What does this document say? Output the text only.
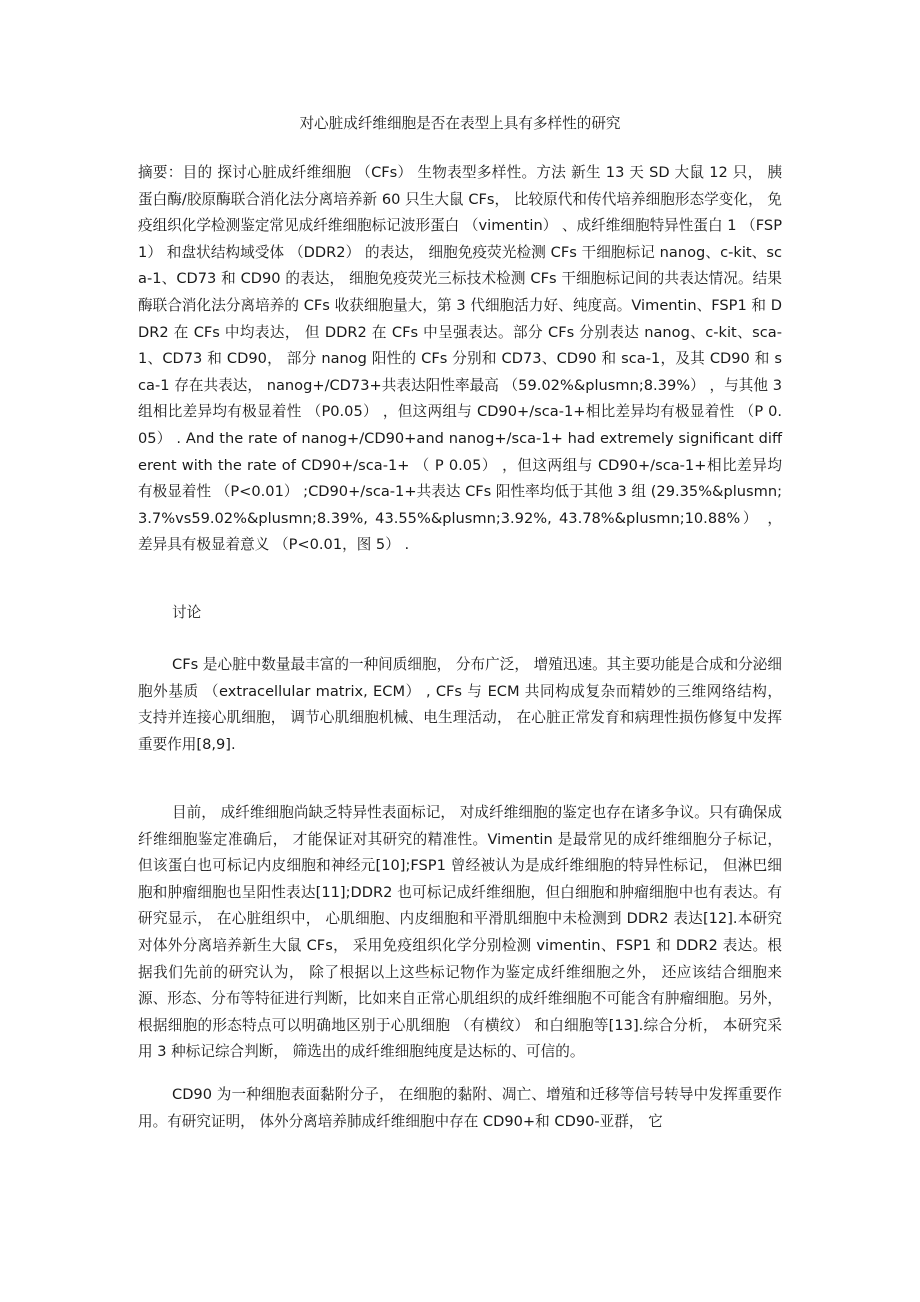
对心脏成纤维细胞是否在表型上具有多样性的研究
摘要：目的 探讨心脏成纤维细胞 （CFs） 生物表型多样性。方法 新生 13 天 SD 大鼠 12 只， 胰蛋白酶/胶原酶联合消化法分离培养新 60 只生大鼠 CFs， 比较原代和传代培养细胞形态学变化， 免疫组织化学检测鉴定常见成纤维细胞标记波形蛋白 （vimentin） 、成纤维细胞特异性蛋白 1 （FSP1） 和盘状结构域受体 （DDR2） 的表达， 细胞免疫荧光检测 CFs 干细胞标记 nanog、c-kit、sca-1、CD73 和 CD90 的表达， 细胞免疫荧光三标技术检测 CFs 干细胞标记间的共表达情况。结果 酶联合消化法分离培养的 CFs 收获细胞量大，第 3 代细胞活力好、纯度高。Vimentin、FSP1 和 DDR2 在 CFs 中均表达， 但 DDR2 在 CFs 中呈强表达。部分 CFs 分别表达 nanog、c-kit、sca-1、CD73 和 CD90， 部分 nanog 阳性的 CFs 分别和 CD73、CD90 和 sca-1，及其 CD90 和 sca-1 存在共表达， nanog+/CD73+共表达阳性率最高 （59.02%&plusmn;8.39%） ，与其他 3 组相比差异均有极显着性 （P0.05） ，但这两组与 CD90+/sca-1+相比差异均有极显着性 （P 0. 05） . And the rate of nanog+/CD90+and nanog+/sca-1+ had extremely significant different with the rate of CD90+/sca-1+ （ P 0.05） ，但这两组与 CD90+/sca-1+相比差异均有极显着性 （P<0.01） ;CD90+/sca-1+共表达 CFs 阳性率均低于其他 3 组 (29.35%&plusmn;3.7%vs59.02%&plusmn;8.39%, 43.55%&plusmn;3.92%, 43.78%&plusmn;10.88%） ，差异具有极显着意义 （P<0.01，图 5） .
讨论
CFs 是心脏中数量最丰富的一种间质细胞， 分布广泛， 增殖迅速。其主要功能是合成和分泌细胞外基质 （extracellular matrix, ECM） , CFs 与 ECM 共同构成复杂而精妙的三维网络结构， 支持并连接心肌细胞， 调节心肌细胞机械、电生理活动， 在心脏正常发育和病理性损伤修复中发挥重要作用[8,9].
目前， 成纤维细胞尚缺乏特异性表面标记， 对成纤维细胞的鉴定也存在诸多争议。只有确保成纤维细胞鉴定准确后， 才能保证对其研究的精准性。Vimentin 是最常见的成纤维细胞分子标记， 但该蛋白也可标记内皮细胞和神经元[10];FSP1 曾经被认为是成纤维细胞的特异性标记， 但淋巴细胞和肿瘤细胞也呈阳性表达[11];DDR2 也可标记成纤维细胞，但白细胞和肿瘤细胞中也有表达。有研究显示， 在心脏组织中， 心肌细胞、内皮细胞和平滑肌细胞中未检测到 DDR2 表达[12].本研究对体外分离培养新生大鼠 CFs， 采用免疫组织化学分别检测 vimentin、FSP1 和 DDR2 表达。根据我们先前的研究认为， 除了根据以上这些标记物作为鉴定成纤维细胞之外， 还应该结合细胞来源、形态、分布等特征进行判断，比如来自正常心肌组织的成纤维细胞不可能含有肿瘤细胞。另外， 根据细胞的形态特点可以明确地区别于心肌细胞 （有横纹） 和白细胞等[13].综合分析， 本研究采用 3 种标记综合判断， 筛选出的成纤维细胞纯度是达标的、可信的。
CD90 为一种细胞表面黏附分子， 在细胞的黏附、凋亡、增殖和迁移等信号转导中发挥重要作用。有研究证明， 体外分离培养肺成纤维细胞中存在 CD90+和 CD90-亚群， 它
